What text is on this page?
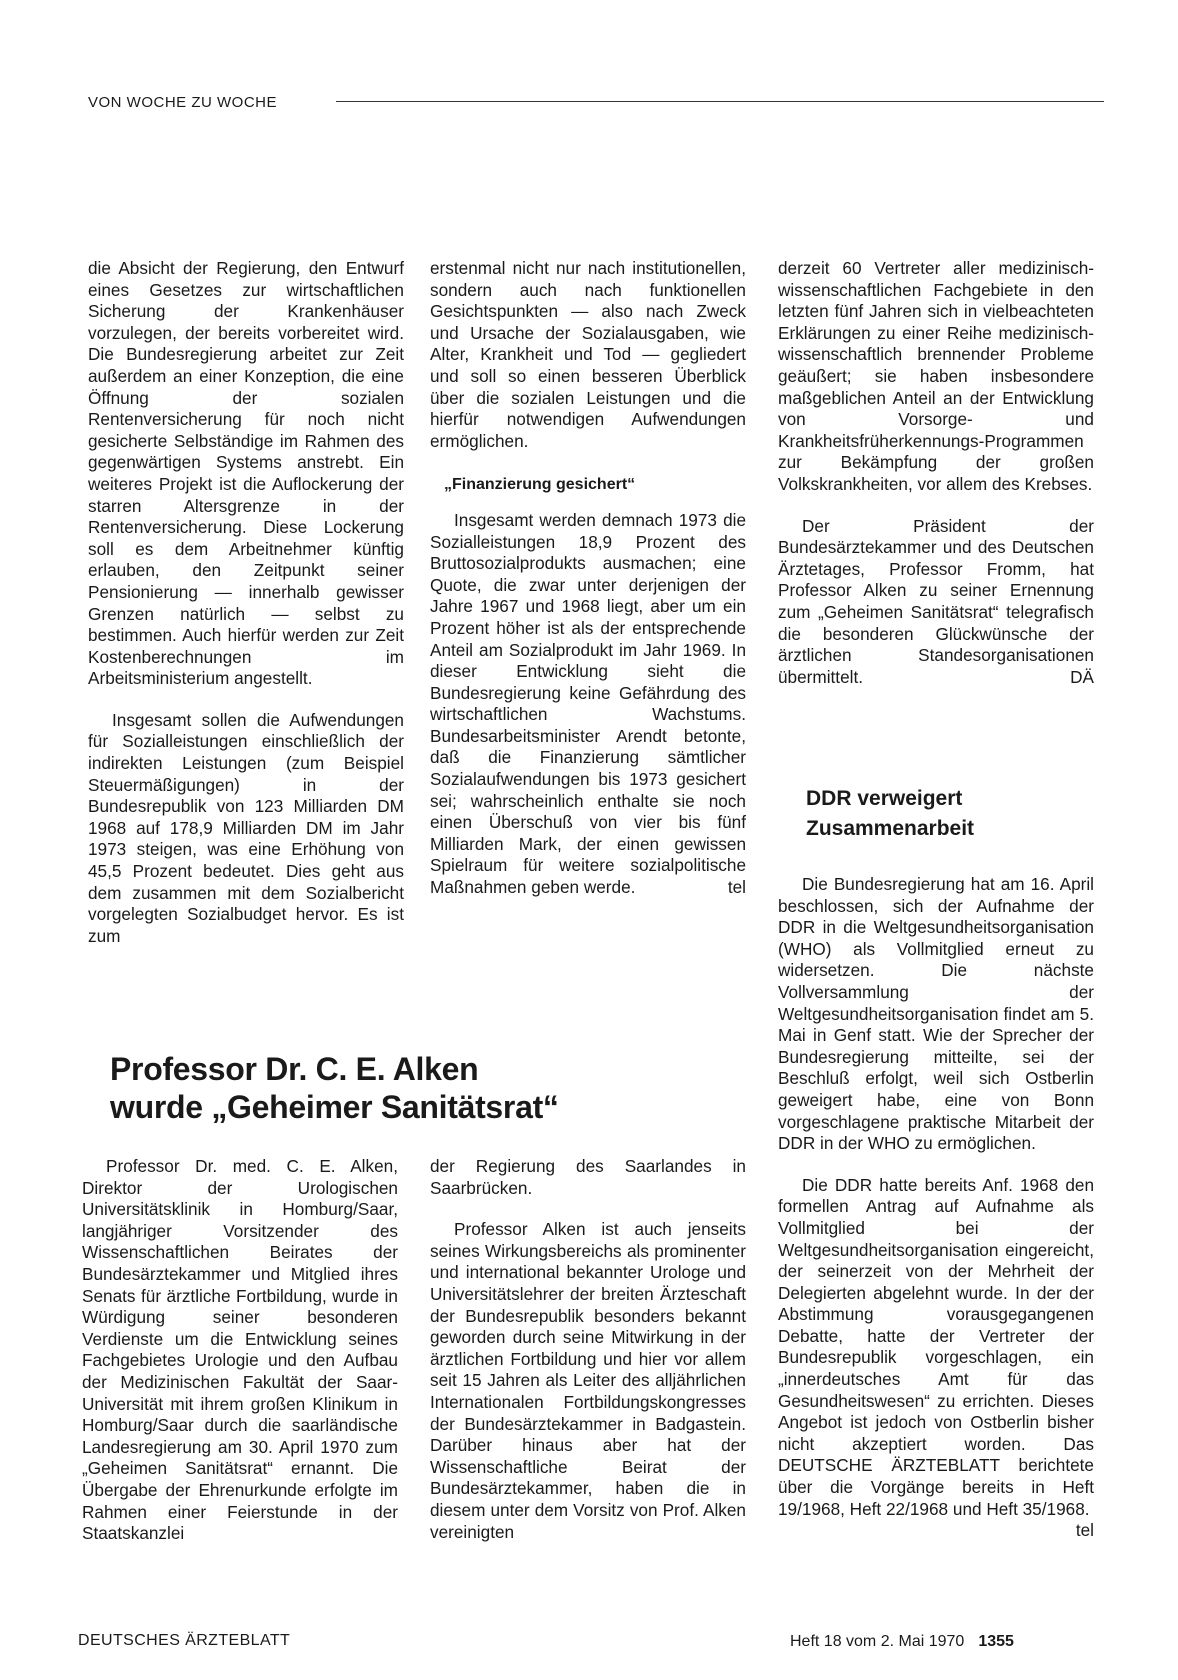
VON WOCHE ZU WOCHE

die Absicht der Regierung, den Entwurf eines Gesetzes zur wirtschaftlichen Sicherung der Krankenhäuser vorzulegen, der bereits vorbereitet wird. Die Bundesregierung arbeitet zur Zeit außerdem an einer Konzeption, die eine Öffnung der sozialen Rentenversicherung für noch nicht gesicherte Selbständige im Rahmen des gegenwärtigen Systems anstrebt. Ein weiteres Projekt ist die Auflockerung der starren Altersgrenze in der Rentenversicherung. Diese Lockerung soll es dem Arbeitnehmer künftig erlauben, den Zeitpunkt seiner Pensionierung — innerhalb gewisser Grenzen natürlich — selbst zu bestimmen. Auch hierfür werden zur Zeit Kostenberechnungen im Arbeitsministerium angestellt.

Insgesamt sollen die Aufwendungen für Sozialleistungen einschließlich der indirekten Leistungen (zum Beispiel Steuermäßigungen) in der Bundesrepublik von 123 Milliarden DM 1968 auf 178,9 Milliarden DM im Jahr 1973 steigen, was eine Erhöhung von 45,5 Prozent bedeutet. Dies geht aus dem zusammen mit dem Sozialbericht vorgelegten Sozialbudget hervor. Es ist zum

erstenmal nicht nur nach institutionellen, sondern auch nach funktionellen Gesichtspunkten — also nach Zweck und Ursache der Sozialausgaben, wie Alter, Krankheit und Tod — gegliedert und soll so einen besseren Überblick über die sozialen Leistungen und die hierfür notwendigen Aufwendungen ermöglichen.

„Finanzierung gesichert“

Insgesamt werden demnach 1973 die Sozialleistungen 18,9 Prozent des Bruttosozialprodukts ausmachen; eine Quote, die zwar unter derjenigen der Jahre 1967 und 1968 liegt, aber um ein Prozent höher ist als der entsprechende Anteil am Sozialprodukt im Jahr 1969. In dieser Entwicklung sieht die Bundesregierung keine Gefährdung des wirtschaftlichen Wachstums. Bundesarbeitsminister Arendt betonte, daß die Finanzierung sämtlicher Sozialaufwendungen bis 1973 gesichert sei; wahrscheinlich enthalte sie noch einen Überschuß von vier bis fünf Milliarden Mark, der einen gewissen Spielraum für weitere sozialpolitische Maßnahmen geben werde.	tel

derzeit 60 Vertreter aller medizinisch-wissenschaftlichen Fachgebiete in den letzten fünf Jahren sich in vielbeachteten Erklärungen zu einer Reihe medizinisch-wissenschaftlich brennender Probleme geäußert; sie haben insbesondere maßgeblichen Anteil an der Entwicklung von Vorsorge- und Krankheitsfrüherkennungs-Programmen zur Bekämpfung der großen Volkskrankheiten, vor allem des Krebses.

Der Präsident der Bundesärztekammer und des Deutschen Ärztetages, Professor Fromm, hat Professor Alken zu seiner Ernennung zum „Geheimen Sanitätsrat“ telegrafisch die besonderen Glückwünsche der ärztlichen Standesorganisationen übermittelt.	DÄ

Professor Dr. C. E. Alken
wurde „Geheimer Sanitätsrat“

Professor Dr. med. C. E. Alken, Direktor der Urologischen Universitätsklinik in Homburg/Saar, langjähriger Vorsitzender des Wissenschaftlichen Beirates der Bundesärztekammer und Mitglied ihres Senats für ärztliche Fortbildung, wurde in Würdigung seiner besonderen Verdienste um die Entwicklung seines Fachgebietes Urologie und den Aufbau der Medizinischen Fakultät der Saar-Universität mit ihrem großen Klinikum in Homburg/Saar durch die saarländische Landesregierung am 30. April 1970 zum „Geheimen Sanitätsrat“ ernannt. Die Übergabe der Ehrenurkunde erfolgte im Rahmen einer Feierstunde in der Staatskanzlei

der Regierung des Saarlandes in Saarbrücken.

Professor Alken ist auch jenseits seines Wirkungsbereichs als prominenter und international bekannter Urologe und Universitätslehrer der breiten Ärzteschaft der Bundesrepublik besonders bekannt geworden durch seine Mitwirkung in der ärztlichen Fortbildung und hier vor allem seit 15 Jahren als Leiter des alljährlichen Internationalen Fortbildungskongresses der Bundesärztekammer in Badgastein. Darüber hinaus aber hat der Wissenschaftliche Beirat der Bundesärztekammer, haben die in diesem unter dem Vorsitz von Prof. Alken vereinigten

DDR verweigert
Zusammenarbeit

Die Bundesregierung hat am 16. April beschlossen, sich der Aufnahme der DDR in die Weltgesundheitsorganisation (WHO) als Vollmitglied erneut zu widersetzen. Die nächste Vollversammlung der Weltgesundheitsorganisation findet am 5. Mai in Genf statt. Wie der Sprecher der Bundesregierung mitteilte, sei der Beschluß erfolgt, weil sich Ostberlin geweigert habe, eine von Bonn vorgeschlagene praktische Mitarbeit der DDR in der WHO zu ermöglichen.

Die DDR hatte bereits Anf. 1968 den formellen Antrag auf Aufnahme als Vollmitglied bei der Weltgesundheitsorganisation eingereicht, der seinerzeit von der Mehrheit der Delegierten abgelehnt wurde. In der der Abstimmung vorausgegangenen Debatte, hatte der Vertreter der Bundesrepublik vorgeschlagen, ein „innerdeutsches Amt für das Gesundheitswesen“ zu errichten. Dieses Angebot ist jedoch von Ostberlin bisher nicht akzeptiert worden. Das DEUTSCHE ÄRZTEBLATT berichtete über die Vorgänge bereits in Heft 19/1968, Heft 22/1968 und Heft 35/1968.
tel

DEUTSCHES ÄRZTEBLATT	Heft 18 vom 2. Mai 1970 1355
